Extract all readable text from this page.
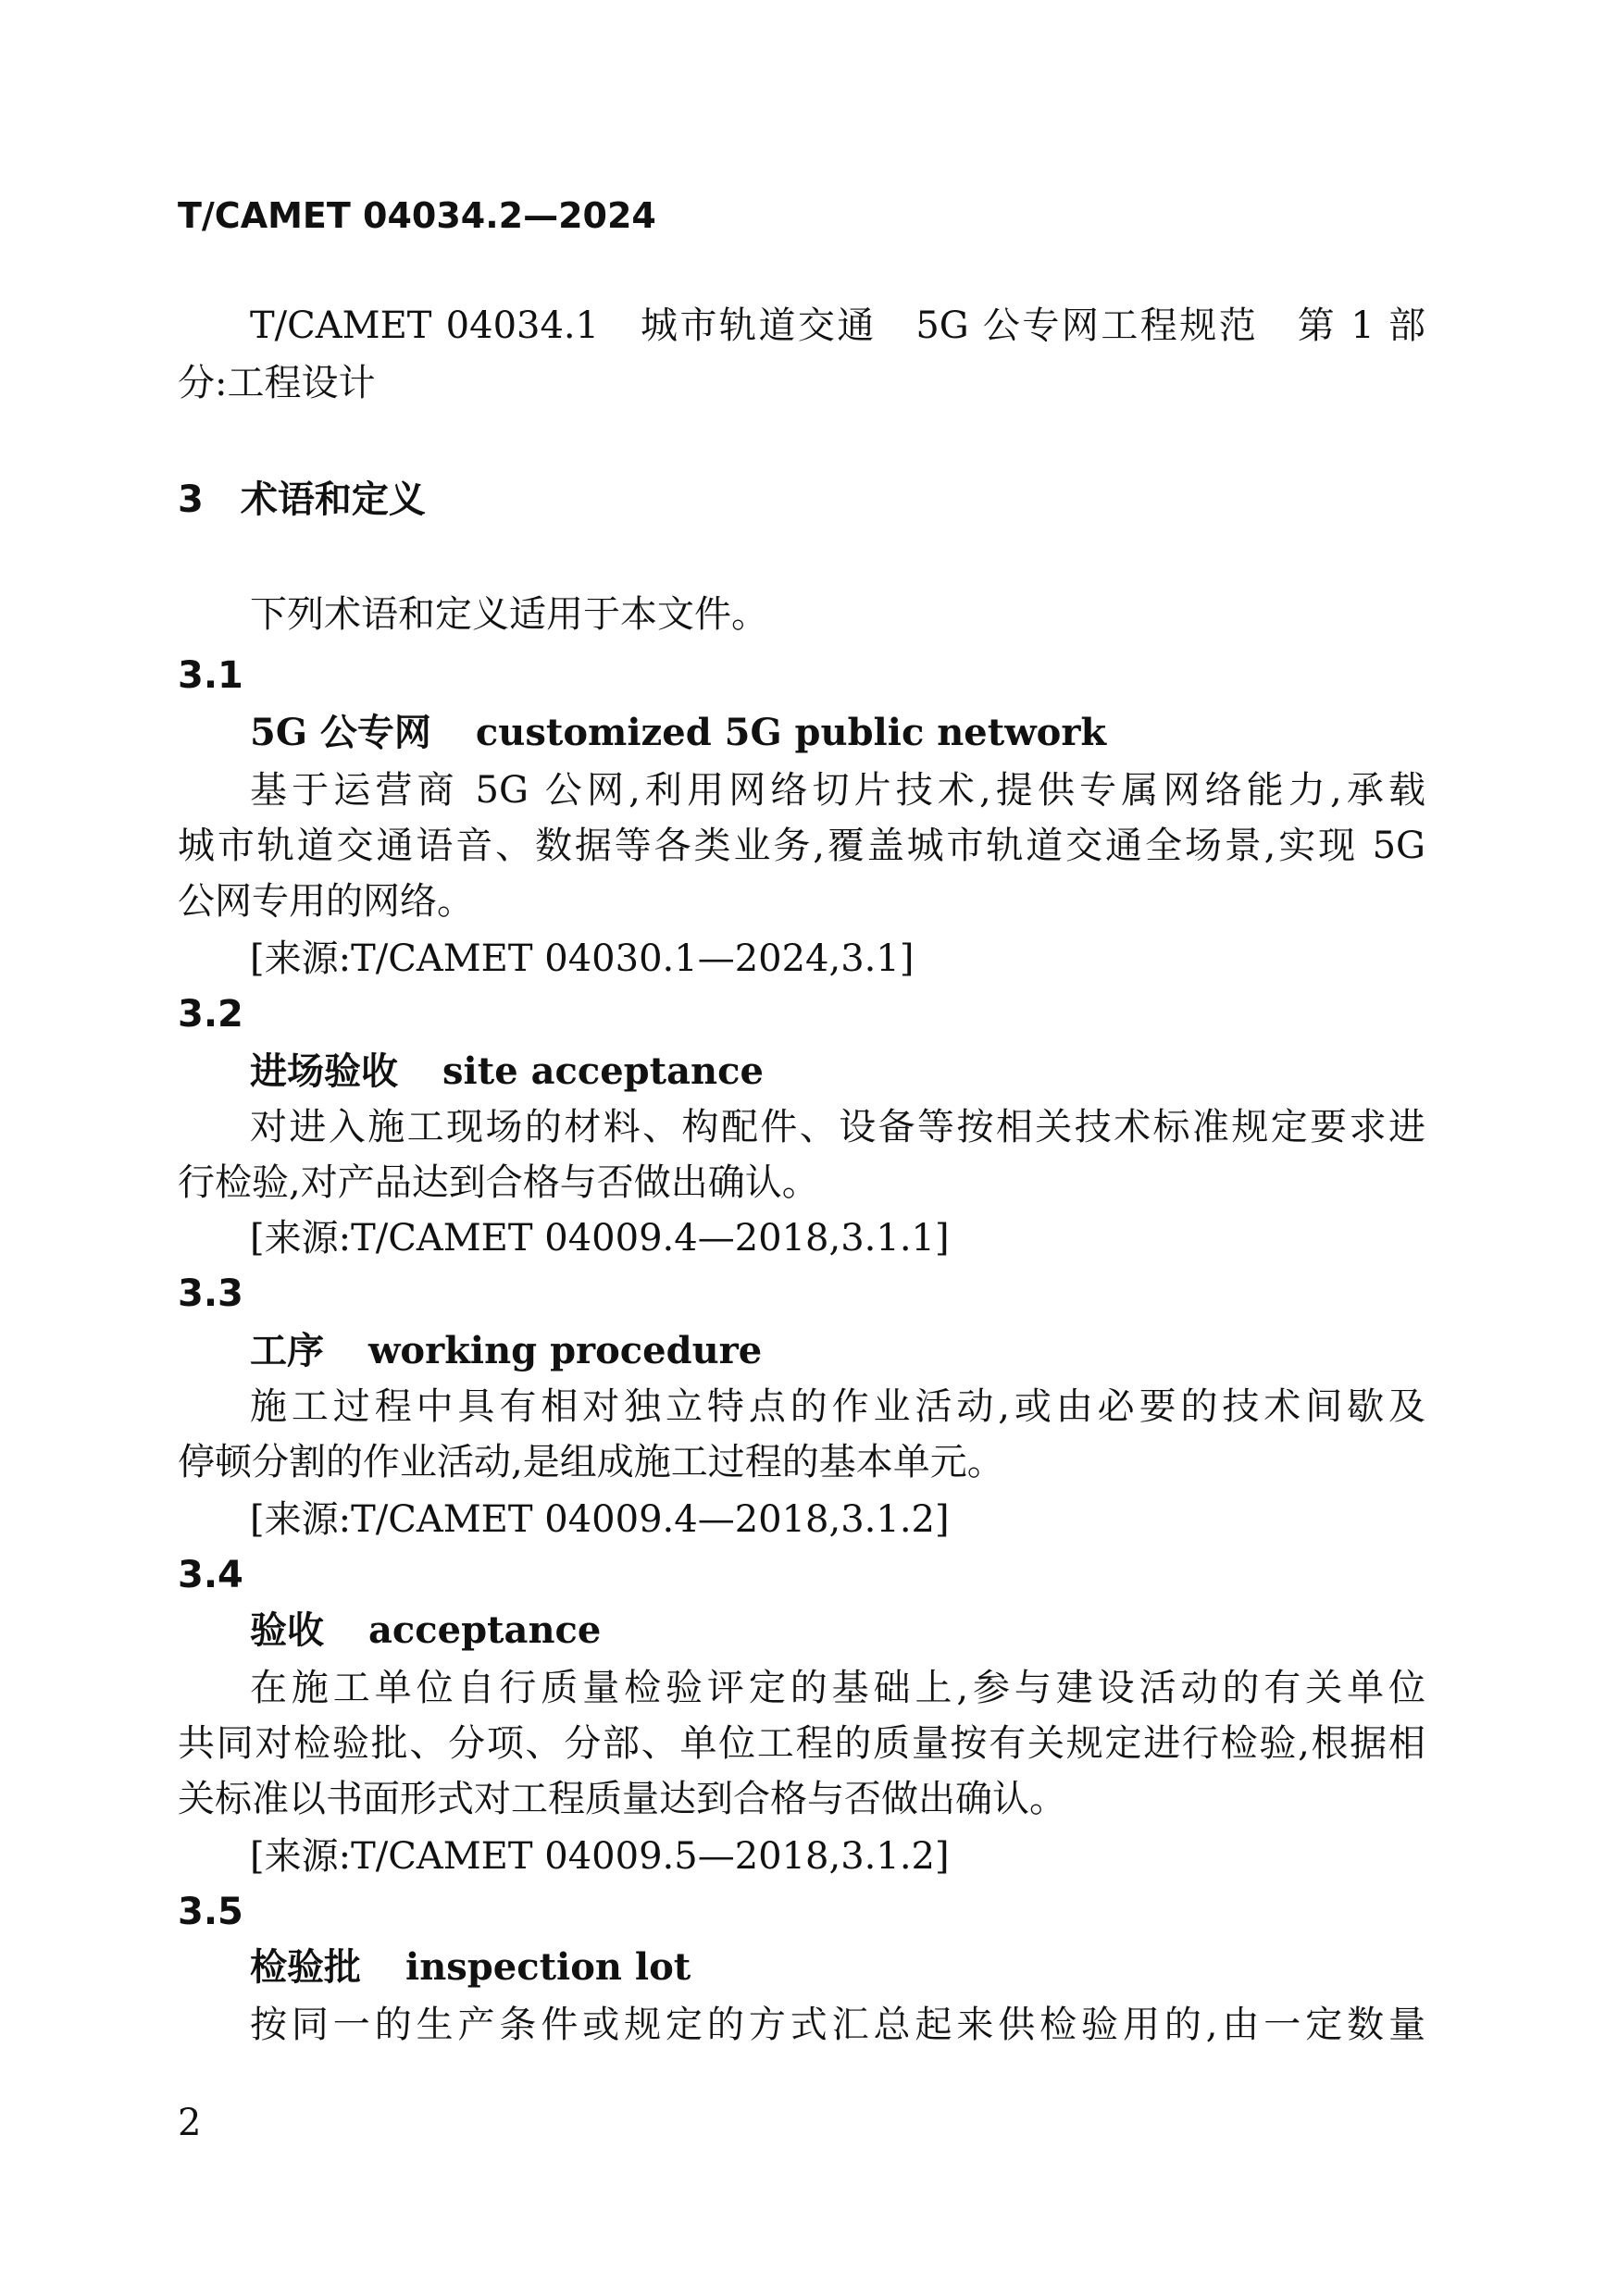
T/CAMET 04034.2—2024
T/CAMET 04034.1　城市轨道交通　5G 公专网工程规范　第 1 部
分:工程设计
3　术语和定义
下列术语和定义适用于本文件。
3.1
5G 公专网 customized 5G public network
基于运营商 5G 公网,利用网络切片技术,提供专属网络能力,承载
城市轨道交通语音、数据等各类业务,覆盖城市轨道交通全场景,实现 5G
公网专用的网络。
[来源:T/CAMET 04030.1—2024,3.1]
3.2
进场验收 site acceptance
对进入施工现场的材料、构配件、设备等按相关技术标准规定要求进
行检验,对产品达到合格与否做出确认。
[来源:T/CAMET 04009.4—2018,3.1.1]
3.3
工序 working procedure
施工过程中具有相对独立特点的作业活动,或由必要的技术间歇及
停顿分割的作业活动,是组成施工过程的基本单元。
[来源:T/CAMET 04009.4—2018,3.1.2]
3.4
验收 acceptance
在施工单位自行质量检验评定的基础上,参与建设活动的有关单位
共同对检验批、分项、分部、单位工程的质量按有关规定进行检验,根据相
关标准以书面形式对工程质量达到合格与否做出确认。
[来源:T/CAMET 04009.5—2018,3.1.2]
3.5
检验批 inspection lot
按同一的生产条件或规定的方式汇总起来供检验用的,由一定数量
2
